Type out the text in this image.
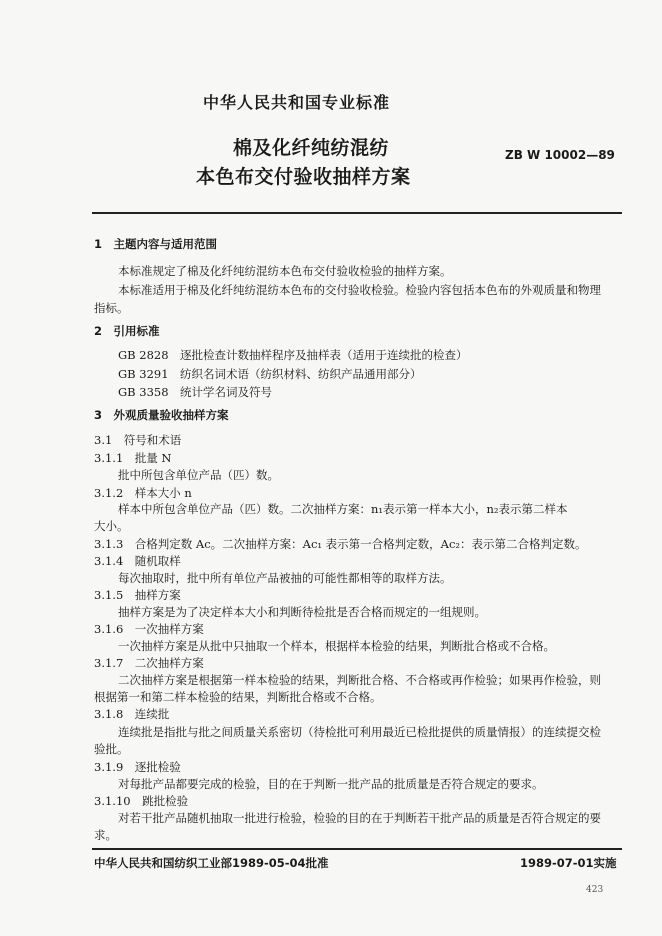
中华人民共和国专业标准
棉及化纤纯纺混纺
本色布交付验收抽样方案
ZB W 10002—89
1　主题内容与适用范围
本标准规定了棉及化纤纯纺混纺本色布交付验收检验的抽样方案。
本标准适用于棉及化纤纯纺混纺本色布的交付验收检验。检验内容包括本色布的外观质量和物理
指标。
2　引用标准
GB 2828　逐批检查计数抽样程序及抽样表（适用于连续批的检查）
GB 3291　纺织名词术语（纺织材料、纺织产品通用部分）
GB 3358　统计学名词及符号
3　外观质量验收抽样方案
3.1　符号和术语
3.1.1　批量 N
批中所包含单位产品（匹）数。
3.1.2　样本大小 n
样本中所包含单位产品（匹）数。二次抽样方案：n₁表示第一样本大小，n₂表示第二样本
大小。
3.1.3　合格判定数 Ac。二次抽样方案：Ac₁ 表示第一合格判定数，Ac₂：表示第二合格判定数。
3.1.4　随机取样
每次抽取时，批中所有单位产品被抽的可能性都相等的取样方法。
3.1.5　抽样方案
抽样方案是为了决定样本大小和判断待检批是否合格而规定的一组规则。
3.1.6　一次抽样方案
一次抽样方案是从批中只抽取一个样本，根据样本检验的结果，判断批合格或不合格。
3.1.7　二次抽样方案
二次抽样方案是根据第一样本检验的结果，判断批合格、不合格或再作检验；如果再作检验，则
根据第一和第二样本检验的结果，判断批合格或不合格。
3.1.8　连续批
连续批是指批与批之间质量关系密切（待检批可利用最近已检批提供的质量情报）的连续提交检
验批。
3.1.9　逐批检验
对每批产品都要完成的检验，目的在于判断一批产品的批质量是否符合规定的要求。
3.1.10　跳批检验
对若干批产品随机抽取一批进行检验，检验的目的在于判断若干批产品的质量是否符合规定的要
求。
中华人民共和国纺织工业部1989-05-04批准	1989-07-01实施
423
